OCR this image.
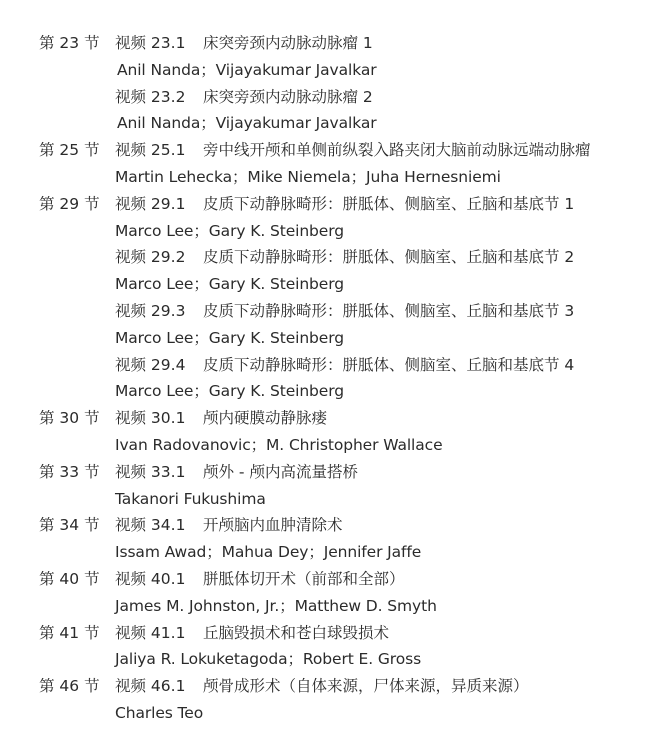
第 23 节 视频 23.1 床突旁颈内动脉动脉瘤 1
Anil Nanda；Vijayakumar Javalkar
视频 23.2 床突旁颈内动脉动脉瘤 2
Anil Nanda；Vijayakumar Javalkar
第 25 节 视频 25.1 旁中线开颅和单侧前纵裂入路夹闭大脑前动脉远端动脉瘤
Martin Lehecka；Mike Niemela；Juha Hernesniemi
第 29 节 视频 29.1 皮质下动静脉畸形：胼胝体、侧脑室、丘脑和基底节 1
Marco Lee；Gary K. Steinberg
视频 29.2 皮质下动静脉畸形：胼胝体、侧脑室、丘脑和基底节 2
Marco Lee；Gary K. Steinberg
视频 29.3 皮质下动静脉畸形：胼胝体、侧脑室、丘脑和基底节 3
Marco Lee；Gary K. Steinberg
视频 29.4 皮质下动静脉畸形：胼胝体、侧脑室、丘脑和基底节 4
Marco Lee；Gary K. Steinberg
第 30 节 视频 30.1 颅内硬膜动静脉瘘
Ivan Radovanovic；M. Christopher Wallace
第 33 节 视频 33.1 颅外 - 颅内高流量搭桥
Takanori Fukushima
第 34 节 视频 34.1 开颅脑内血肿清除术
Issam Awad；Mahua Dey；Jennifer Jaffe
第 40 节 视频 40.1 胼胝体切开术（前部和全部）
James M. Johnston, Jr.；Matthew D. Smyth
第 41 节 视频 41.1 丘脑毁损术和苍白球毁损术
Jaliya R. Lokuketagoda；Robert E. Gross
第 46 节 视频 46.1 颅骨成形术（自体来源，尸体来源，异质来源）
Charles Teo
